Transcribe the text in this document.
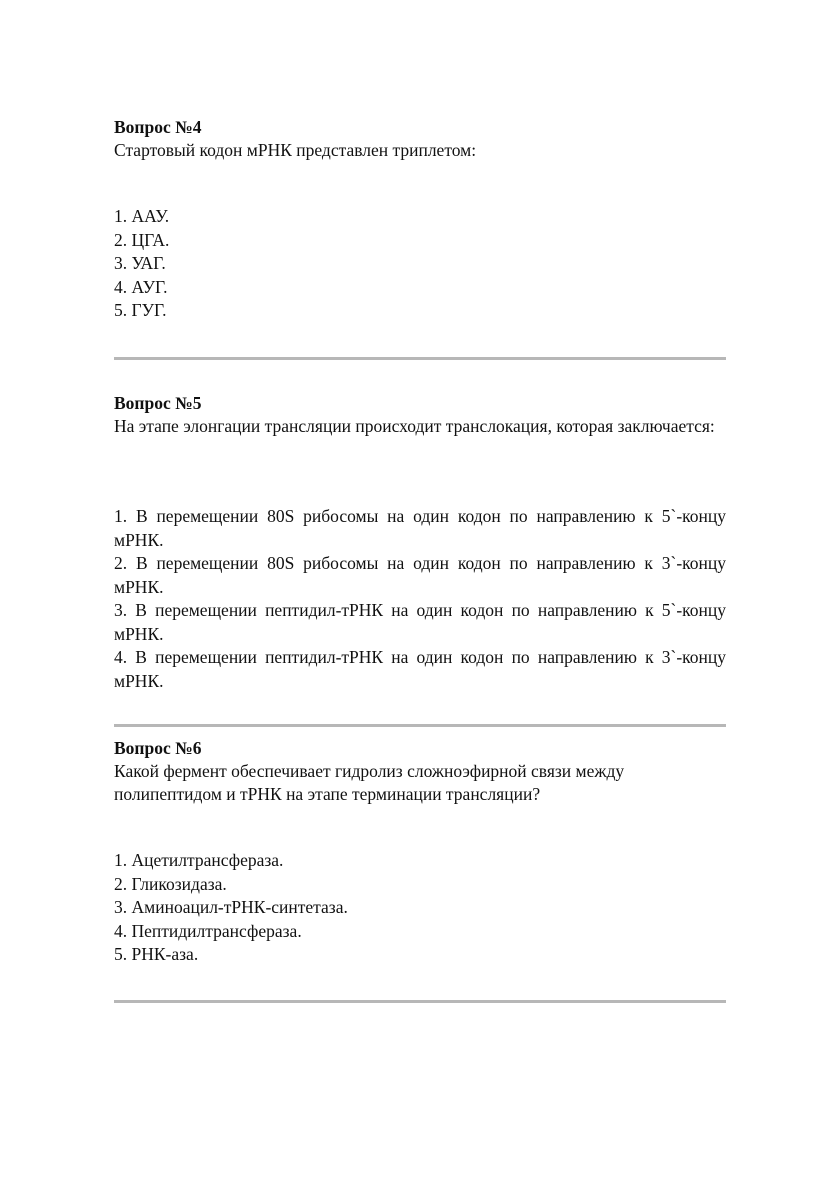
Вопрос №4
Стартовый кодон мРНК представлен триплетом:
1. ААУ.
2. ЦГА.
3. УАГ.
4. АУГ.
5. ГУГ.
Вопрос №5
На этапе элонгации трансляции происходит транслокация, которая заключается:
1. В перемещении 80S рибосомы на один кодон по направлению к 5`-концу мРНК.
2. В перемещении 80S рибосомы на один кодон по направлению к 3`-концу мРНК.
3. В перемещении пептидил-тРНК на один кодон по направлению к 5`-концу мРНК.
4. В перемещении пептидил-тРНК на один кодон по направлению к 3`-концу мРНК.
Вопрос №6
Какой фермент обеспечивает гидролиз сложноэфирной связи между полипептидом и тРНК на этапе терминации трансляции?
1. Ацетилтрансфераза.
2. Гликозидаза.
3. Аминоацил-тРНК-синтетаза.
4. Пептидилтрансфераза.
5. РНК-аза.
